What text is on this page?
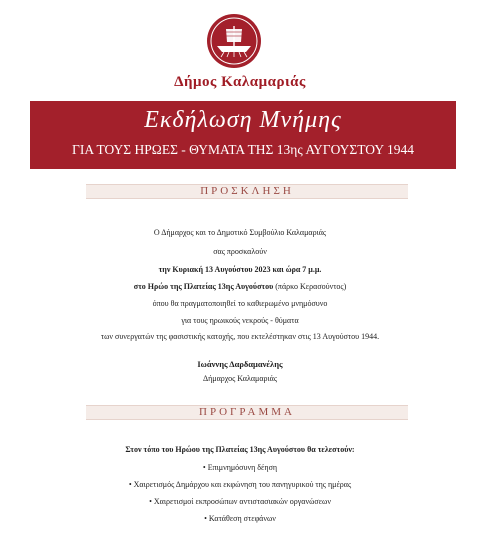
Δήμος Καλαμαριάς
Εκδήλωση Μνήμης
ΓΙΑ ΤΟΥΣ ΗΡΩΕΣ - ΘΥΜΑΤΑ ΤΗΣ 13ης ΑΥΓΟΥΣΤΟΥ 1944
ΠΡΟΣΚΛΗΣΗ
Ο Δήμαρχος και το Δημοτικό Συμβούλιο Καλαμαριάς
σας προσκαλούν
την Κυριακή 13 Αυγούστου 2023 και ώρα 7 μ.μ.
στο Ηρώο της Πλατείας 13ης Αυγούστου (πάρκο Κερασούντος)
όπου θα πραγματοποιηθεί το καθιερωμένο μνημόσυνο
για τους ηρωικούς νεκρούς - θύματα
των συνεργατών της φασιστικής κατοχής, που εκτελέστηκαν στις 13 Αυγούστου 1944.
Ιωάννης Δαρδαμανέλης
Δήμαρχος Καλαμαριάς
ΠΡΟΓΡΑΜΜΑ
Στον τόπο του Ηρώου της Πλατείας 13ης Αυγούστου θα τελεστούν:
• Επιμνημόσυνη δέηση
• Χαιρετισμός Δημάρχου και εκφώνηση του πανηγυρικού της ημέρας
• Χαιρετισμοί εκπροσώπων αντιστασιακών οργανώσεων
• Κατάθεση στεφάνων
